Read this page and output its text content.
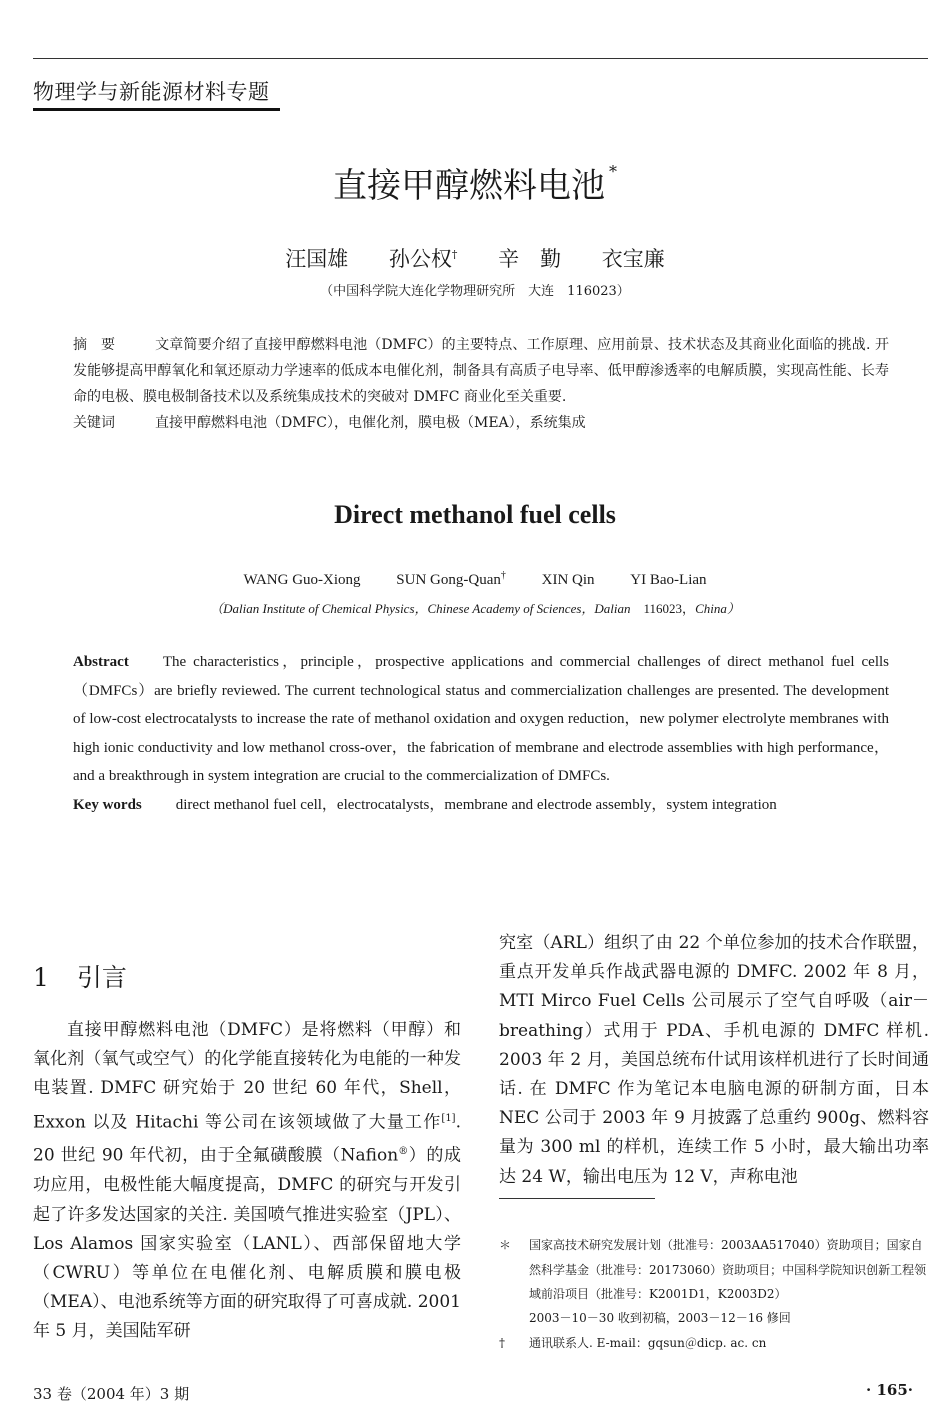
物理学与新能源材料专题
直接甲醇燃料电池 *
汪国雄 孙公权† 辛　勤 衣宝廉
（中国科学院大连化学物理研究所　大连　116023）
摘要 文章简要介绍了直接甲醇燃料电池（DMFC）的主要特点、工作原理、应用前景、技术状态及其商业化面临的挑战. 开发能够提高甲醇氧化和氧还原动力学速率的低成本电催化剂，制备具有高质子电导率、低甲醇渗透率的电解质膜，实现高性能、长寿命的电极、膜电极制备技术以及系统集成技术的突破对 DMFC 商业化至关重要.
关键词	直接甲醇燃料电池（DMFC），电催化剂，膜电极（MEA），系统集成
Direct methanol fuel cells
WANG Guo-Xiong SUN Gong-Quan† XIN Qin YI Bao-Lian
（Dalian Institute of Chemical Physics，Chinese Academy of Sciences，Dalian　 116023，China）
Abstract The characteristics，principle，prospective applications and commercial challenges of direct methanol fuel cells（DMFCs）are briefly reviewed. The current technological status and commercialization challenges are presented. The development of low-cost electrocatalysts to increase the rate of methanol oxidation and oxygen reduction，new polymer electrolyte membranes with high ionic conductivity and low methanol cross-over，the fabrication of membrane and electrode assemblies with high performance，and a breakthrough in system integration are crucial to the commercialization of DMFCs.
Key words direct methanol fuel cell，electrocatalysts，membrane and electrode assembly，system integration
1 引言
直接甲醇燃料电池（DMFC）是将燃料（甲醇）和氧化剂（氧气或空气）的化学能直接转化为电能的一种发电装置. DMFC 研究始于 20 世纪 60 年代，Shell，Exxon 以及 Hitachi 等公司在该领域做了大量工作[1]. 20 世纪 90 年代初，由于全氟磺酸膜（Nafion®）的成功应用，电极性能大幅度提高，DMFC 的研究与开发引起了许多发达国家的关注. 美国喷气推进实验室（JPL）、Los Alamos 国家实验室（LANL）、西部保留地大学（CWRU）等单位在电催化剂、电解质膜和膜电极（MEA）、电池系统等方面的研究取得了可喜成就. 2001 年 5 月，美国陆军研
究室（ARL）组织了由 22 个单位参加的技术合作联盟，重点开发单兵作战武器电源的 DMFC. 2002 年 8 月，MTI Mirco Fuel Cells 公司展示了空气自呼吸（air－breathing）式用于 PDA、手机电源的 DMFC 样机. 2003 年 2 月，美国总统布什试用该样机进行了长时间通话. 在 DMFC 作为笔记本电脑电源的研制方面，日本 NEC 公司于 2003 年 9 月披露了总重约 900g、燃料容量为 300 ml 的样机，连续工作 5 小时，最大输出功率达 24 W，输出电压为 12 V，声称电池
＊ 国家高技术研究发展计划（批准号：2003AA517040）资助项目；国家自然科学基金（批准号：20173060）资助项目；中国科学院知识创新工程领域前沿项目（批准号：K2001D1，K2003D2）
2003－10－30 收到初稿，2003－12－16 修回
† 通讯联系人. E-mail：gqsun＠dicp. ac. cn
33 卷（2004 年）3 期	· 165·
